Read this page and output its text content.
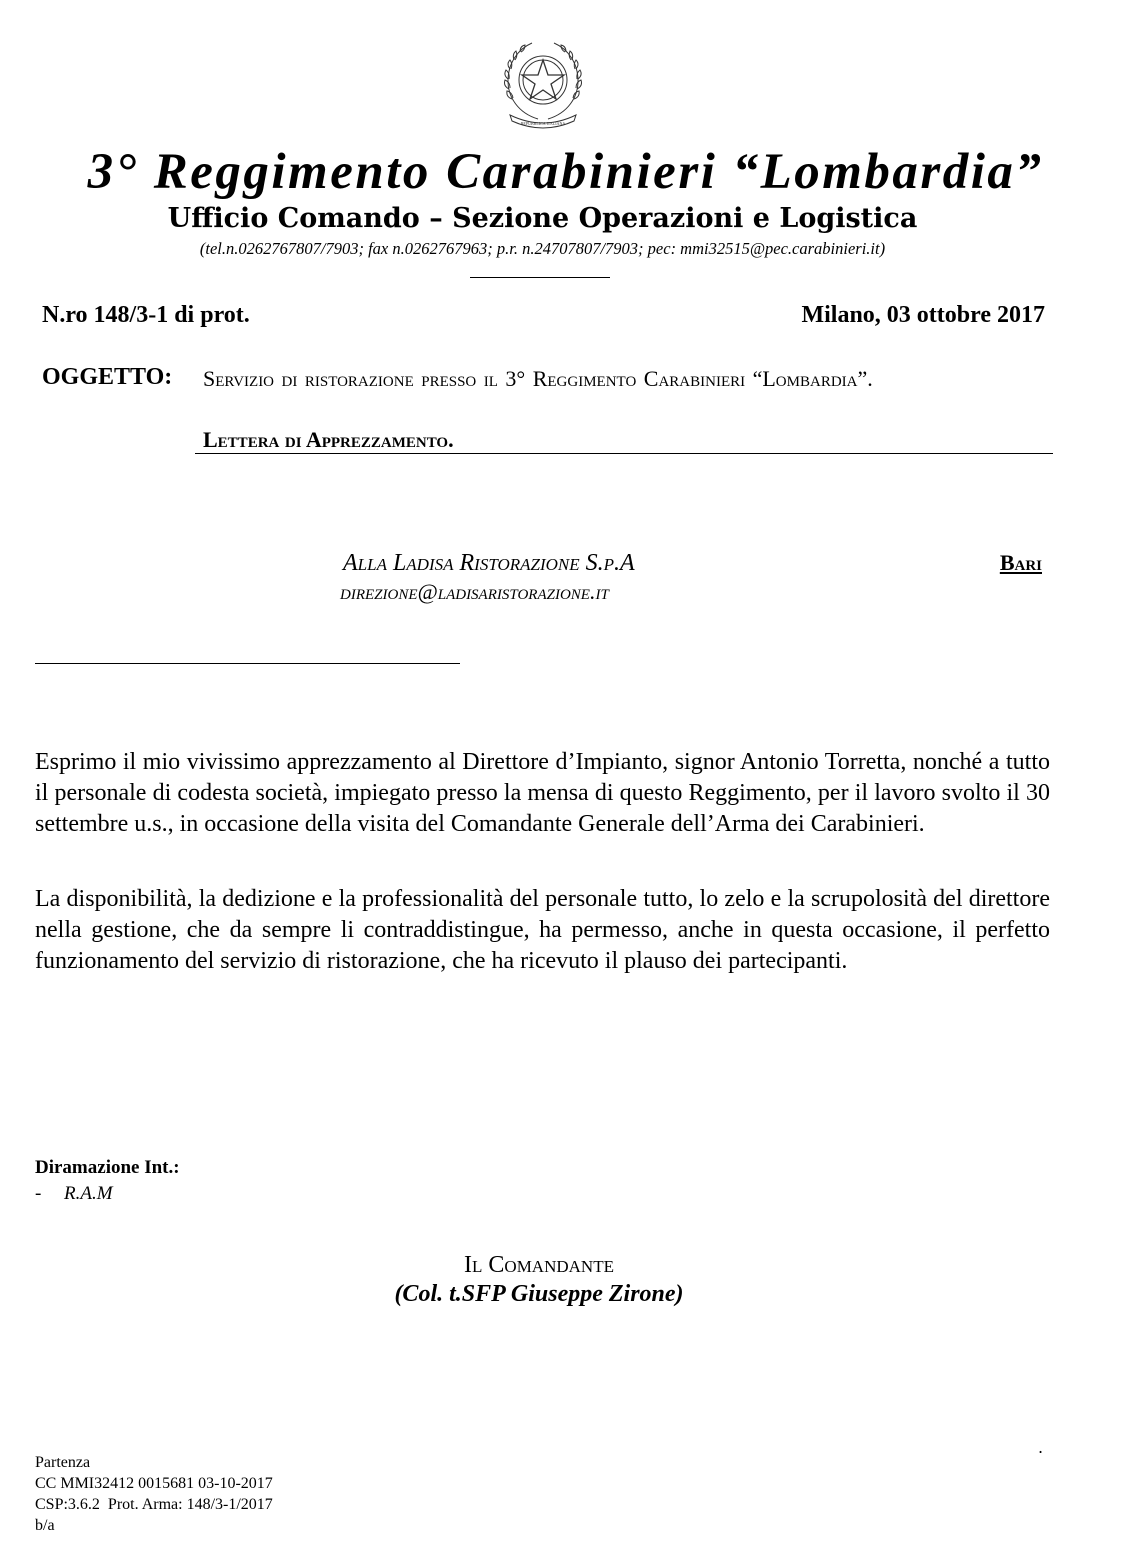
REPUBBLICA ITALIANA
3° Reggimento Carabinieri “Lombardia”
Ufficio Comando – Sezione Operazioni e Logistica
(tel.n.0262767807/7903; fax n.0262767963; p.r. n.24707807/7903; pec: mmi32515@pec.carabinieri.it)
N.ro 148/3-1 di prot.	Milano, 03 ottobre 2017
OGGETTO: Servizio di ristorazione presso il 3° Reggimento Carabinieri “Lombardia”.
Lettera di Apprezzamento.
Alla Ladisa Ristorazione S.p.A
direzione@ladisaristorazione.it
Bari

Esprimo il mio vivissimo apprezzamento al Direttore d’Impianto, signor Antonio Torretta, nonché a tutto il personale di codesta società, impiegato presso la mensa di questo Reggimento, per il lavoro svolto il 30 settembre u.s., in occasione della visita del Comandante Generale dell’Arma dei Carabinieri.

La disponibilità, la dedizione e la professionalità del personale tutto, lo zelo e la scrupolosità del direttore nella gestione, che da sempre li contraddistingue, ha permesso, anche in questa occasione, il perfetto funzionamento del servizio di ristorazione, che ha ricevuto il plauso dei partecipanti.

Diramazione Int.:
- R.A.M
Il Comandante
(Col. t.SFP Giuseppe Zirone)
.
Partenza
CC MMI32412 0015681 03-10-2017
CSP:3.6.2  Prot. Arma: 148/3-1/2017
b/a
